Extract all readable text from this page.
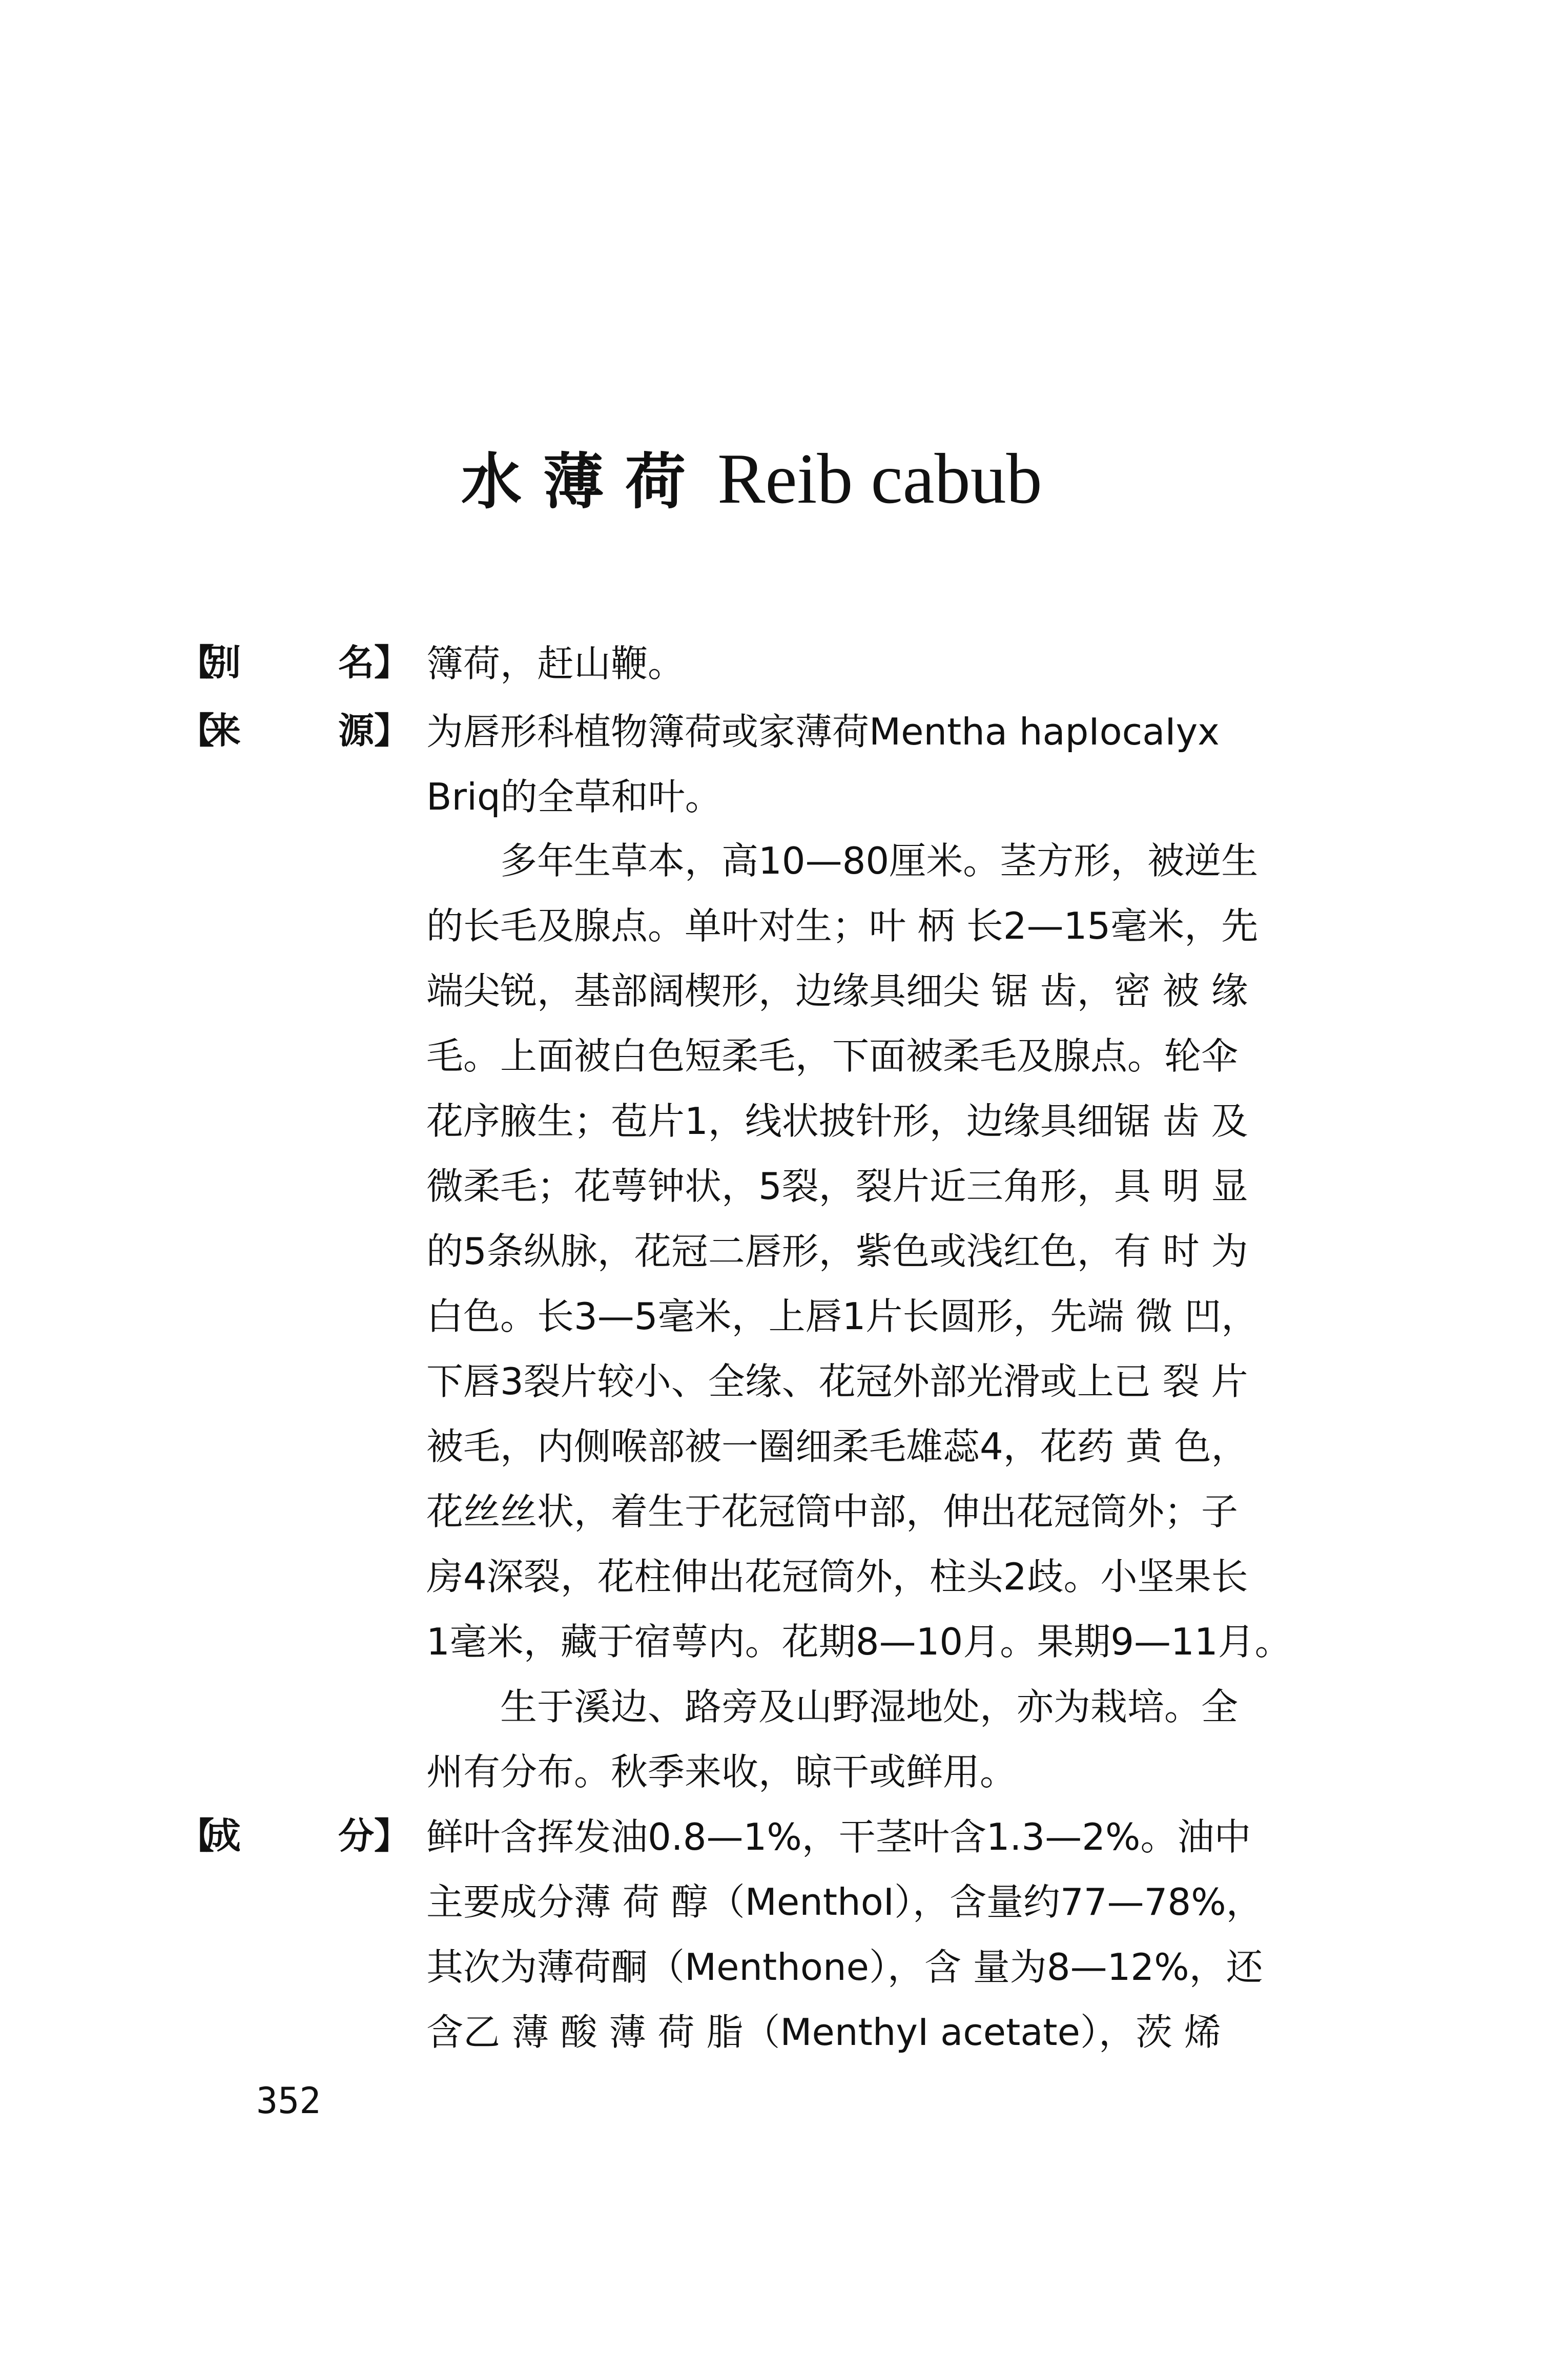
水薄荷 Reib cabub
【
别	名 】 簿荷，赶山鞭。
【
来	源 】 为唇形科植物簿荷或家薄荷Mentha hapIocaIyx
Briq的全草和叶。
　　多年生草本，高10—80厘米。茎方形，被逆生
的长毛及腺点。单叶对生；叶 柄 长2—15毫米，先
端尖锐，基部阔楔形，边缘具细尖 锯 齿，密 被 缘
毛。上面被白色短柔毛，下面被柔毛及腺点。轮伞
花序腋生；苞片1，线状披针形，边缘具细锯 齿 及
微柔毛；花萼钟状，5裂，裂片近三角形，具 明 显
的5条纵脉，花冠二唇形，紫色或浅红色，有 时 为
白色。长3—5毫米，上唇1片长圆形，先端 微 凹，
下唇3裂片较小、全缘、花冠外部光滑或上已 裂 片
被毛，内侧喉部被一圈细柔毛雄蕊4，花药 黄 色，
花丝丝状，着生于花冠筒中部，伸出花冠筒外；子
房4深裂，花柱伸出花冠筒外，柱头2歧。小坚果长
1毫米，藏于宿萼内。花期8—10月。果期9—11月。
　　生于溪边、路旁及山野湿地处，亦为栽培。全
州有分布。秋季来收，晾干或鲜用。
【
成	分 】 鲜叶含挥发油0.8—1%，干茎叶含1.3—2%。油中
主要成分薄 荷 醇（MenthoI），含量约77—78%，
其次为薄荷酮（Menthone），含 量为8—12%，还
含乙 薄 酸 薄 荷 脂（MenthyI acetate），茨 烯
352
